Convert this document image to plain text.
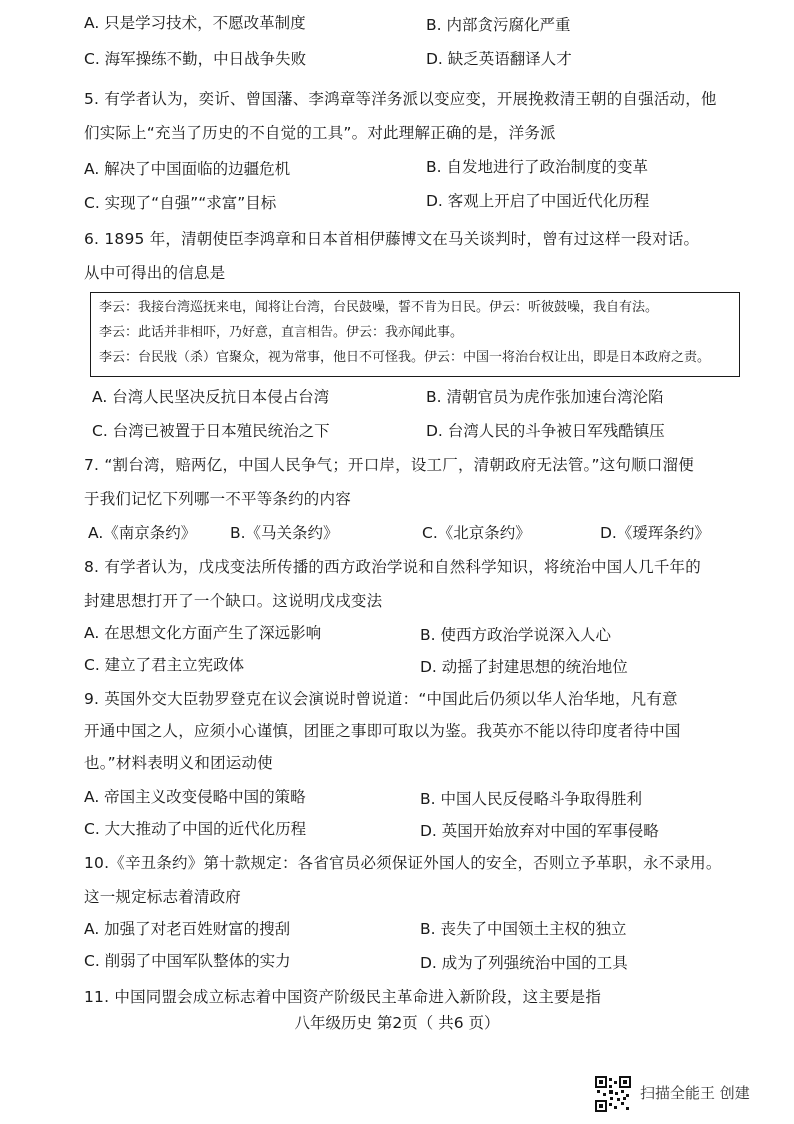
A. 只是学习技术，不愿改革制度	B. 内部贪污腐化严重
C. 海军操练不勤，中日战争失败	D. 缺乏英语翻译人才
5. 有学者认为，奕䜣、曾国藩、李鸿章等洋务派以变应变，开展挽救清王朝的自强活动，他
们实际上“充当了历史的不自觉的工具”。对此理解正确的是，洋务派
A. 解决了中国面临的边疆危机	B. 自发地进行了政治制度的变革
C. 实现了“自强”“求富”目标	D. 客观上开启了中国近代化历程
6. 1895 年，清朝使臣李鸿章和日本首相伊藤博文在马关谈判时，曾有过这样一段对话。
从中可得出的信息是
李云：我接台湾巡抚来电，闻将让台湾，台民鼓噪，誓不肯为日民。伊云：听彼鼓噪，我自有法。
李云：此话并非相吓，乃好意，直言相告。伊云：我亦闻此事。
李云：台民戕（杀）官聚众，视为常事，他日不可怪我。伊云：中国一将治台权让出，即是日本政府之责。
A. 台湾人民坚决反抗日本侵占台湾	B. 清朝官员为虎作张加速台湾沦陷
C. 台湾已被置于日本殖民统治之下	D. 台湾人民的斗争被日军残酷镇压
7. “割台湾，赔两亿，中国人民争气；开口岸，设工厂，清朝政府无法管。”这句顺口溜便
于我们记忆下列哪一不平等条约的内容
A.《南京条约》 B.《马关条约》	C.《北京条约》	D.《瑷珲条约》
8. 有学者认为，戊戌变法所传播的西方政治学说和自然科学知识，将统治中国人几千年的
封建思想打开了一个缺口。这说明戊戌变法
A. 在思想文化方面产生了深远影响	B. 使西方政治学说深入人心
C. 建立了君主立宪政体	D. 动摇了封建思想的统治地位
9. 英国外交大臣勃罗登克在议会演说时曾说道：“中国此后仍须以华人治华地，凡有意
开通中国之人，应须小心谨慎，团匪之事即可取以为鉴。我英亦不能以待印度者待中国
也。”材料表明义和团运动使
A. 帝国主义改变侵略中国的策略	B. 中国人民反侵略斗争取得胜利
C. 大大推动了中国的近代化历程	D. 英国开始放弃对中国的军事侵略
10.《辛丑条约》第十款规定：各省官员必须保证外国人的安全，否则立予革职，永不录用。
这一规定标志着清政府
A. 加强了对老百姓财富的搜刮	B. 丧失了中国领土主权的独立
C. 削弱了中国军队整体的实力	D. 成为了列强统治中国的工具
11. 中国同盟会成立标志着中国资产阶级民主革命进入新阶段，这主要是指
八年级历史 第2页（ 共6 页）
扫描全能王 创建
